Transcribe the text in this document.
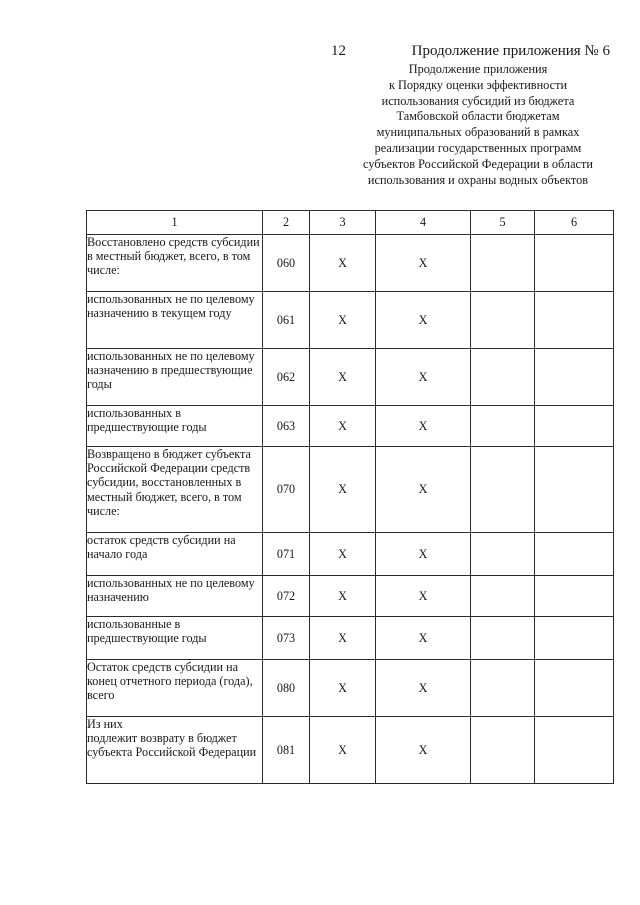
12	Продолжение приложения № 6
Продолжение приложения
к Порядку оценки эффективности
использования субсидий из бюджета
Тамбовской области бюджетам
муниципальных образований в рамках
реализации государственных программ
субъектов Российской Федерации в области
использования и охраны водных объектов
1	2	3	4	5	6
Восстановлено средств субсидии в местный бюджет, всего, в том числе:	060	Х	Х		
использованных не по целевому назначению в текущем году	061	Х	Х		
использованных не по целевому назначению в предшествующие годы	062	Х	Х		
использованных в предшествующие годы	063	Х	Х		
Возвращено в бюджет субъекта Российской Федерации средств субсидии, восстановленных в местный бюджет, всего, в том числе:	070	Х	Х		
остаток средств субсидии на начало года	071	Х	Х		
использованных не по целевому назначению	072	Х	Х		
использованные в предшествующие годы	073	Х	Х		
Остаток средств субсидии на конец отчетного периода (года), всего	080	Х	Х		
Из них
подлежит возврату в бюджет субъекта Российской Федерации	081	Х	Х		
